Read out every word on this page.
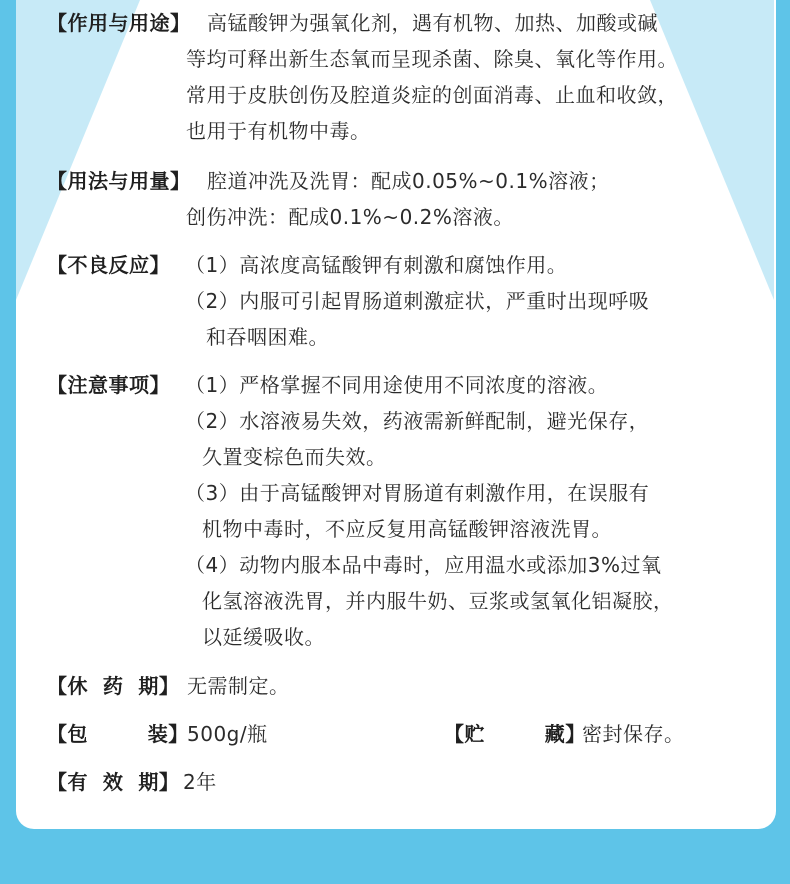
【作用与用途】 高锰酸钾为强氧化剂，遇有机物、加热、加酸或碱
等均可释出新生态氧而呈现杀菌、除臭、氧化等作用。
常用于皮肤创伤及腔道炎症的创面消毒、止血和收敛，
也用于有机物中毒。
【用法与用量】 腔道冲洗及洗胃：配成0.05%~0.1%溶液；
创伤冲洗：配成0.1%~0.2%溶液。
【不良反应】 （1）高浓度高锰酸钾有刺激和腐蚀作用。
（2）内服可引起胃肠道刺激症状，严重时出现呼吸
和吞咽困难。
【注意事项】 （1）严格掌握不同用途使用不同浓度的溶液。
（2）水溶液易失效，药液需新鲜配制，避光保存，
久置变棕色而失效。
（3）由于高锰酸钾对胃肠道有刺激作用，在误服有
机物中毒时，不应反复用高锰酸钾溶液洗胃。
（4）动物内服本品中毒时，应用温水或添加3%过氧
化氢溶液洗胃，并内服牛奶、豆浆或氢氧化铝凝胶，
以延缓吸收。
【休  药  期】 无需制定。
【包        装】
500g/瓶	【贮        藏】
密封保存。
【有  效  期】 2年
